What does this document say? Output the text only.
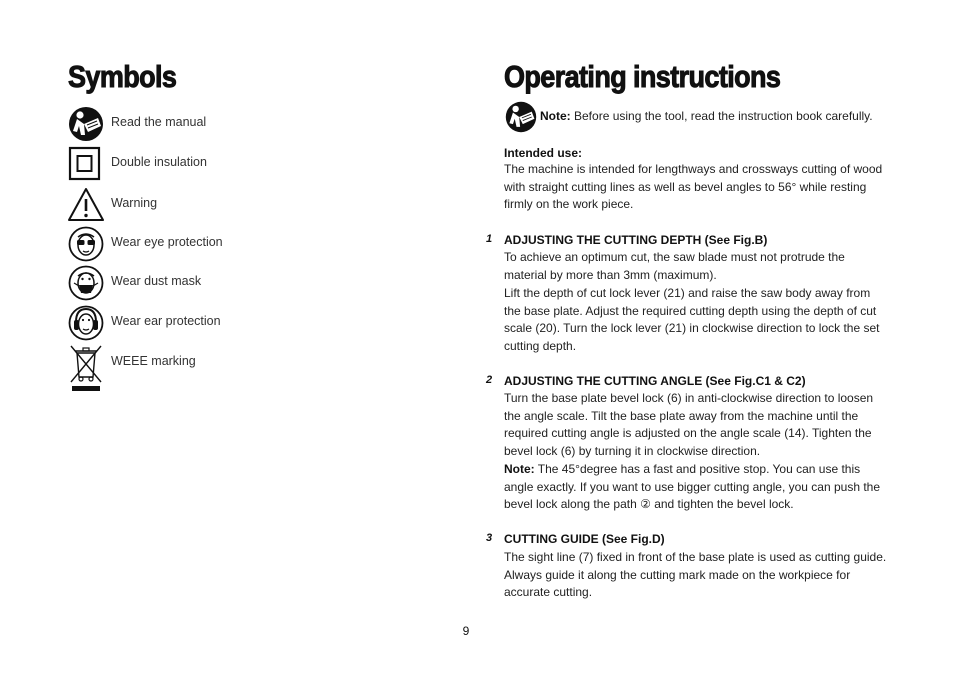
Symbols
Read the manual
Double insulation
Warning
Wear eye protection
Wear dust mask
Wear ear protection
WEEE marking
Operating instructions
Note: Before using the tool, read the instruction book carefully.
Intended use:
The machine is intended for lengthways and crossways cutting of wood with straight cutting lines as well as bevel angles to 56° while resting firmly on the work piece.
1 ADJUSTING THE CUTTING DEPTH (See Fig.B)
To achieve an optimum cut, the saw blade must not protrude the material by more than 3mm (maximum).
Lift the depth of cut lock lever (21) and raise the saw body away from the base plate. Adjust the required cutting depth using the depth of cut scale (20). Turn the lock lever (21) in clockwise direction to lock the set cutting depth.
2 ADJUSTING THE CUTTING ANGLE (See Fig.C1 & C2)
Turn the base plate bevel lock (6) in anti-clockwise direction to loosen the angle scale. Tilt the base plate away from the machine until the required cutting angle is adjusted on the angle scale (14). Tighten the bevel lock (6) by turning it in clockwise direction.
Note: The 45°degree has a fast and positive stop. You can use this angle exactly. If you want to use bigger cutting angle, you can push the bevel lock along the path ② and tighten the bevel lock.
3 CUTTING GUIDE (See Fig.D)
The sight line (7) fixed in front of the base plate is used as cutting guide. Always guide it along the cutting mark made on the workpiece for accurate cutting.
9
